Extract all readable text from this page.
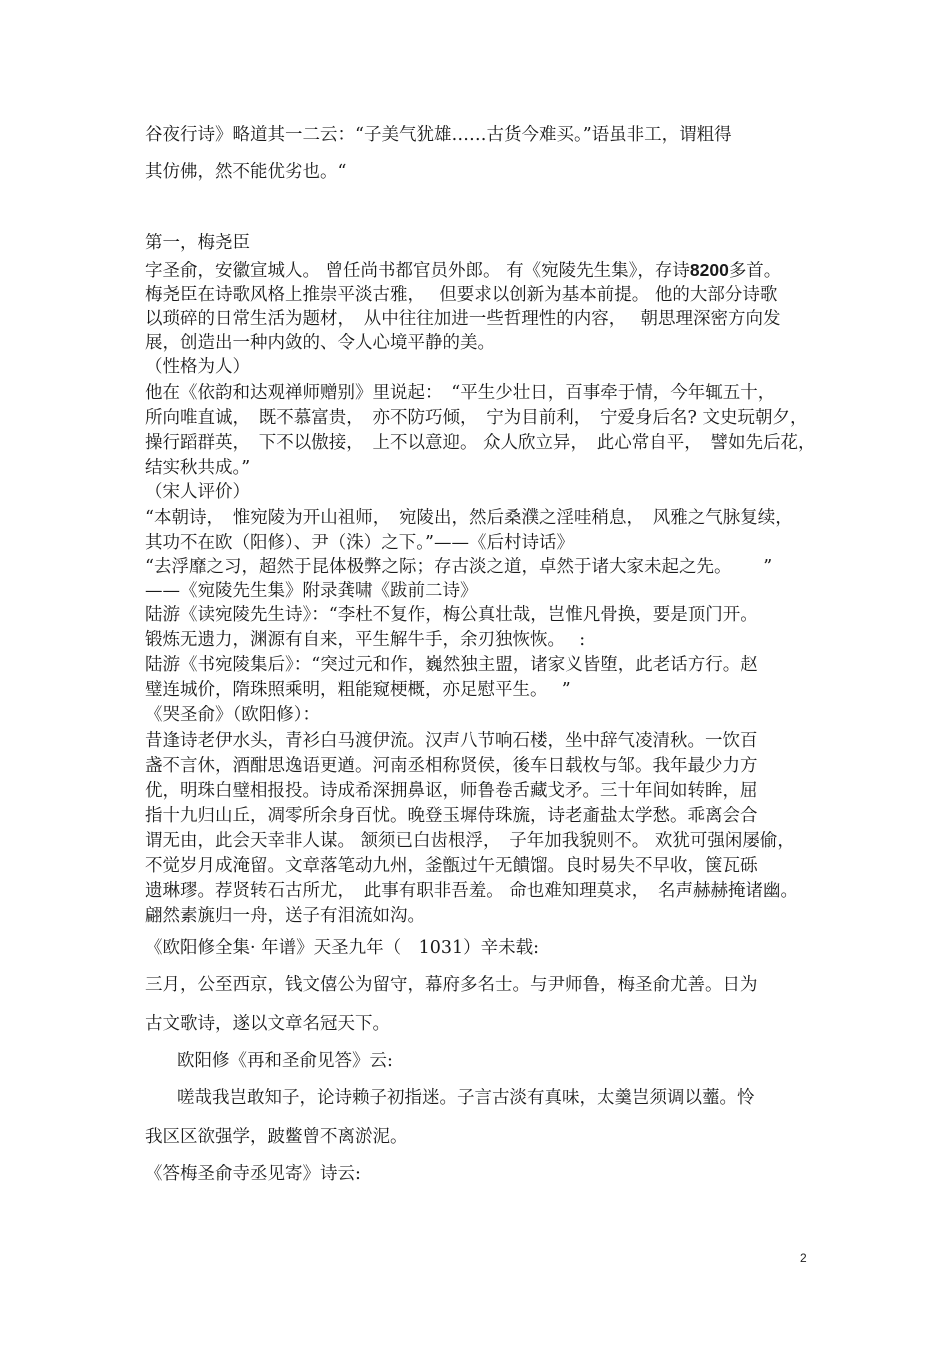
谷夜行诗》略道其一二云：“子美气犹雄……古货今难买。”语虽非工，谓粗得
其仿佛，然不能优劣也。“
第一，梅尧臣
字圣俞，安徽宣城人。 曾任尚书都官员外郎。 有《宛陵先生集》，存诗8200多首。
梅尧臣在诗歌风格上推崇平淡古雅，　 但要求以创新为基本前提。 他的大部分诗歌
以琐碎的日常生活为题材，　从中往往加进一些哲理性的内容，　 朝思理深密方向发
展，创造出一种内敛的、令人心境平静的美。
（性格为人）
他在《依韵和达观禅师赠别》里说起：　“平生少壮日，百事牵于情，今年辄五十，
所向唯直诚，　既不慕富贵，　亦不防巧倾，　宁为目前利，　宁爱身后名? 文史玩朝夕，
操行蹈群英，　下不以傲接，　上不以意迎。 众人欣立异，　此心常自平，　譬如先后花，
结实秋共成。”
（宋人评价）
“本朝诗，　惟宛陵为开山祖师，　宛陵出，然后桑濮之淫哇稍息，　风雅之气脉复续，
其功不在欧（阳修）、尹（洙）之下。”——《后村诗话》
“去浮靡之习，超然于昆体极弊之际；存古淡之道，卓然于诸大家未起之先。　　 ”
——《宛陵先生集》附录龚啸《跋前二诗》
陆游《读宛陵先生诗》：“李杜不复作，梅公真壮哉，岂惟凡骨换，要是顶门开。
锻炼无遗力，渊源有自来，平生解牛手，余刃独恢恢。　 :
陆游《书宛陵集后》：“突过元和作，巍然独主盟，诸家义皆堕，此老话方行。赵
璧连城价，隋珠照乘明，粗能窥梗概，亦足慰平生。　 ”
《哭圣俞》（欧阳修）：
昔逢诗老伊水头，青衫白马渡伊流。汉声八节响石楼，坐中辞气凌清秋。一饮百
盏不言休，酒酣思逸语更遒。河南丞相称贤侯，後车日载枚与邹。我年最少力方
优，明珠白璧相报投。诗成希深拥鼻讴，师鲁卷舌藏戈矛。三十年间如转眸，屈
指十九归山丘，凋零所余身百忧。晚登玉墀侍珠旒，诗老齑盐太学愁。乖离会合
谓无由，此会天幸非人谋。 颔须已白齿根浮，　子年加我貌则不。 欢犹可强闲屡偷，
不觉岁月成淹留。文章落笔动九州，釜甑过午无饋馏。良时易失不早收，箧瓦砾
遗琳璆。荐贤转石古所尤，　此事有职非吾羞。 命也难知理莫求，　名声赫赫掩诸幽。
翩然素旐归一舟，送子有泪流如沟。
《欧阳修全集· 年谱》天圣九年（　1031）辛未载:
三月，公至西京，钱文僖公为留守，幕府多名士。与尹师鲁，梅圣俞尤善。日为
古文歌诗，遂以文章名冠天下。
欧阳修《再和圣俞见答》云:
嗟哉我岂敢知子，论诗赖子初指迷。子言古淡有真味，太羹岂须调以虀。怜
我区区欲强学，跛鳖曾不离淤泥。
《答梅圣俞寺丞见寄》诗云:
2
